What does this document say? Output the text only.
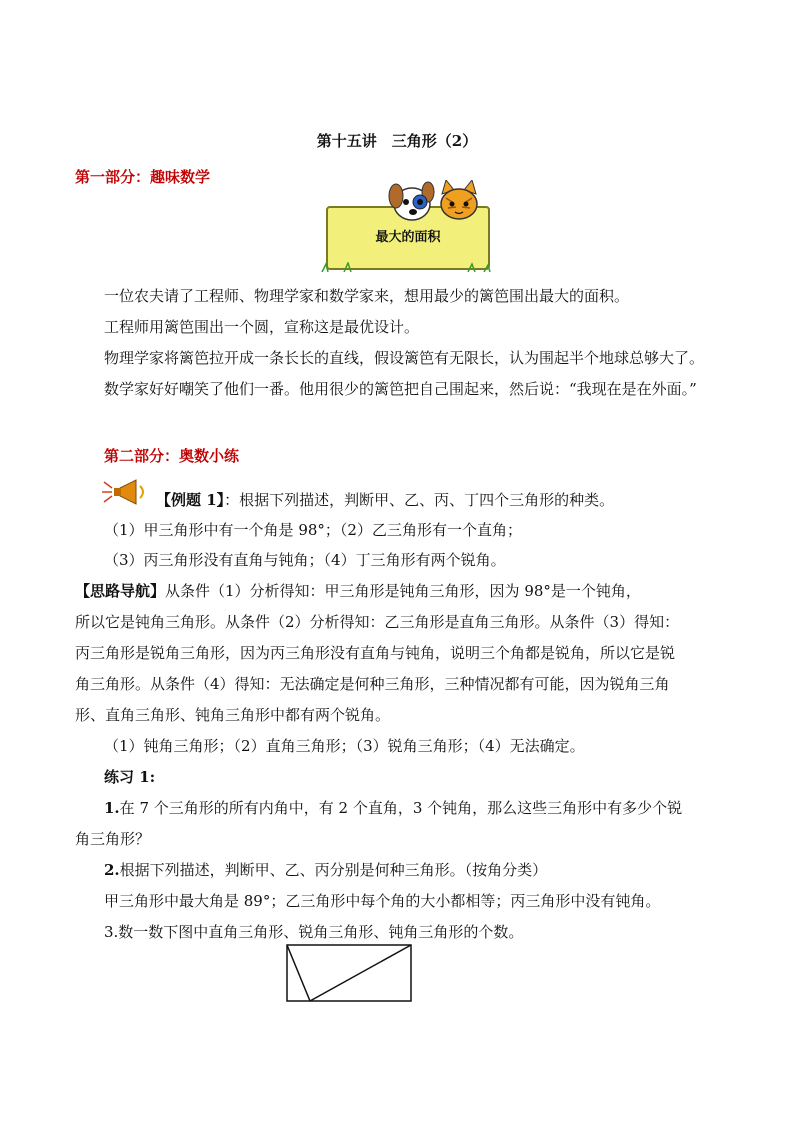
第十五讲　三角形（2）
第一部分：趣味数学
最大的面积
一位农夫请了工程师、物理学家和数学家来，想用最少的篱笆围出最大的面积。
工程师用篱笆围出一个圆，宣称这是最优设计。
物理学家将篱笆拉开成一条长长的直线，假设篱笆有无限长，认为围起半个地球总够大了。
数学家好好嘲笑了他们一番。他用很少的篱笆把自己围起来，然后说：“我现在是在外面。”
第二部分：奥数小练
【例题 1】：根据下列描述，判断甲、乙、丙、丁四个三角形的种类。
（1）甲三角形中有一个角是 98°；（2）乙三角形有一个直角；
（3）丙三角形没有直角与钝角；（4）丁三角形有两个锐角。
【思路导航】从条件（1）分析得知：甲三角形是钝角三角形，因为 98°是一个钝角，
所以它是钝角三角形。从条件（2）分析得知：乙三角形是直角三角形。从条件（3）得知：
丙三角形是锐角三角形，因为丙三角形没有直角与钝角，说明三个角都是锐角，所以它是锐
角三角形。从条件（4）得知：无法确定是何种三角形，三种情况都有可能，因为锐角三角
形、直角三角形、钝角三角形中都有两个锐角。
（1）钝角三角形；（2）直角三角形；（3）锐角三角形；（4）无法确定。
练习 1:
1.在 7 个三角形的所有内角中，有 2 个直角，3 个钝角，那么这些三角形中有多少个锐
角三角形？
2.根据下列描述，判断甲、乙、丙分别是何种三角形。（按角分类）
甲三角形中最大角是 89°；乙三角形中每个角的大小都相等；丙三角形中没有钝角。
3.数一数下图中直角三角形、锐角三角形、钝角三角形的个数。
